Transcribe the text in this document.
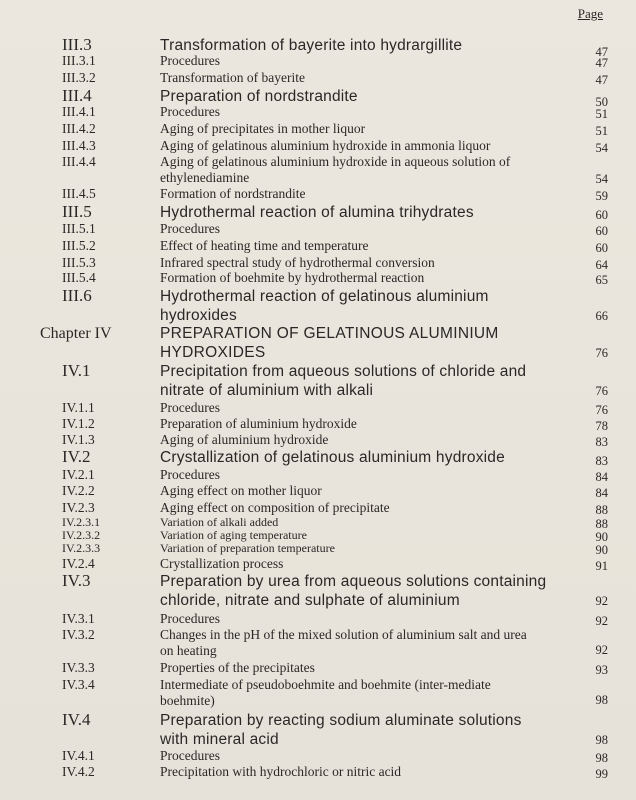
Page
III.3	Transformation of bayerite into hydrargillite	47
III.3.1	Procedures	47
III.3.2	Transformation of bayerite	47
III.4	Preparation of nordstrandite	50
III.4.1	Procedures	51
III.4.2	Aging of precipitates in mother liquor	51
III.4.3	Aging of gelatinous aluminium hydroxide in ammonia liquor	54
III.4.4	Aging of gelatinous aluminium hydroxide in aqueous solution of
ethylenediamine	54
III.4.5	Formation of nordstrandite	59
III.5	Hydrothermal reaction of alumina trihydrates	60
III.5.1	Procedures	60
III.5.2	Effect of heating time and temperature	60
III.5.3	Infrared spectral study of hydrothermal conversion	64
III.5.4	Formation of boehmite by hydrothermal reaction	65
III.6	Hydrothermal reaction of gelatinous aluminium
hydroxides	66
Chapter IV	PREPARATION OF GELATINOUS ALUMINIUM
HYDROXIDES	76
IV.1	Precipitation from aqueous solutions of chloride and
nitrate of aluminium with alkali	76
IV.1.1	Procedures	76
IV.1.2	Preparation of aluminium hydroxide	78
IV.1.3	Aging of aluminium hydroxide	83
IV.2	Crystallization of gelatinous aluminium hydroxide	83
IV.2.1	Procedures	84
IV.2.2	Aging effect on mother liquor	84
IV.2.3	Aging effect on composition of precipitate	88
IV.2.3.1	Variation of alkali added	88
IV.2.3.2	Variation of aging temperature	90
IV.2.3.3	Variation of preparation temperature	90
IV.2.4	Crystallization process	91
IV.3	Preparation by urea from aqueous solutions containing
chloride, nitrate and sulphate of aluminium	92
IV.3.1	Procedures	92
IV.3.2	Changes in the pH of the mixed solution of aluminium salt and urea
on heating	92
IV.3.3	Properties of the precipitates	93
IV.3.4	Intermediate of pseudoboehmite and boehmite (inter-mediate
boehmite)	98
IV.4	Preparation by reacting sodium aluminate solutions
with mineral acid	98
IV.4.1	Procedures	98
IV.4.2	Precipitation with hydrochloric or nitric acid	99
